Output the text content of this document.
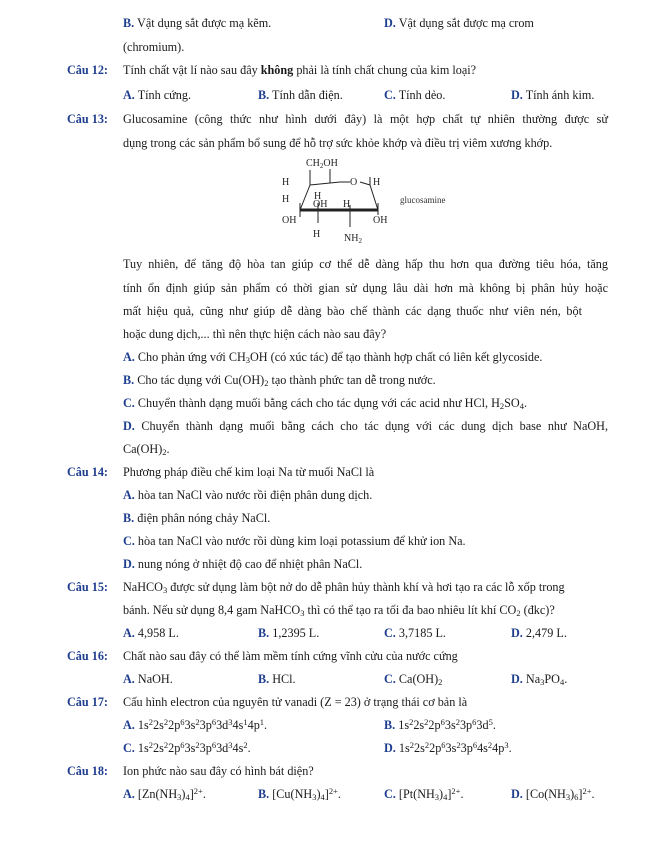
B. Vật dụng sắt được mạ kẽm.	D. Vật dụng sắt được mạ crom
(chromium).
Câu 12: Tính chất vật lí nào sau đây không phải là tính chất chung của kim loại?
A. Tính cứng.	B. Tính dẫn điện.	C. Tính dẻo.	D. Tính ánh kim.
Câu 13: Glucosamine (công thức như hình dưới đây) là một hợp chất tự nhiên thường được sử
dụng trong các sản phẩm bổ sung để hỗ trợ sức khỏe khớp và điều trị viêm xương khớp.
$CH_2OH$
O
H	H
H
OH H
H
OH	OH
H $NH_2$
glucosamine
Tuy nhiên, để tăng độ hòa tan giúp cơ thể dễ dàng hấp thu hơn qua đường tiêu hóa, tăng
tính ổn định giúp sản phẩm có thời gian sử dụng lâu dài hơn mà không bị phân hủy hoặc
mất hiệu quả, cũng như giúp dễ dàng bào chế thành các dạng thuốc như viên nén, bột
hoặc dung dịch,... thì nên thực hiện cách nào sau đây?
A. Cho phản ứng với $CH_3OH$ (có xúc tác) để tạo thành hợp chất có liên kết glycoside.
B. Cho tác dụng với $Cu(OH)_2$ tạo thành phức tan dễ trong nước.
C. Chuyển thành dạng muối bằng cách cho tác dụng với các acid như HCl, $H_2SO_4$.
D. Chuyển thành dạng muối bằng cách cho tác dụng với các dung dịch base như NaOH,
$Ca(OH)_2$.
Câu 14: Phương pháp điều chế kim loại Na từ muối NaCl là
A. hòa tan NaCl vào nước rồi điện phân dung dịch.
B. điện phân nóng chảy NaCl.
C. hòa tan NaCl vào nước rồi dùng kim loại potassium để khử ion Na.
D. nung nóng ở nhiệt độ cao để nhiệt phân NaCl.
Câu 15: NaHCO$_3$ được sử dụng làm bột nở do dễ phân hủy thành khí và hơi tạo ra các lỗ xốp trong
bánh. Nếu sử dụng 8,4 gam NaHCO$_3$ thì có thể tạo ra tối đa bao nhiêu lít khí $CO_2$ (đkc)?
A. 4,958 L.	B. 1,2395 L.	C. 3,7185 L.	D. 2,479 L.
Câu 16: Chất nào sau đây có thể làm mềm tính cứng vĩnh cửu của nước cứng
A. NaOH.	B. HCl.	C. $Ca(OH)_2$	D. $Na_3PO_4$.
Câu 17: Cấu hình electron của nguyên tử vanadi (Z = 23) ở trạng thái cơ bản là
A. $1s^22s^22p^63s^23p^63d^34s^14p^1$.	B. $1s^22s^22p^63s^23p^63d^5$.
C. $1s^22s^22p^63s^23p^63d^34s^2$.	D. $1s^22s^22p^63s^23p^64s^24p^3$.
Câu 18: Ion phức nào sau đây có hình bát diện?
A. $[Zn(NH_3)_4]^{2+}$.	B. $[Cu(NH_3)_4]^{2+}$.	C. $[Pt(NH_3)_4]^{2+}$.	D. $[Co(NH_3)_6]^{2+}$.
